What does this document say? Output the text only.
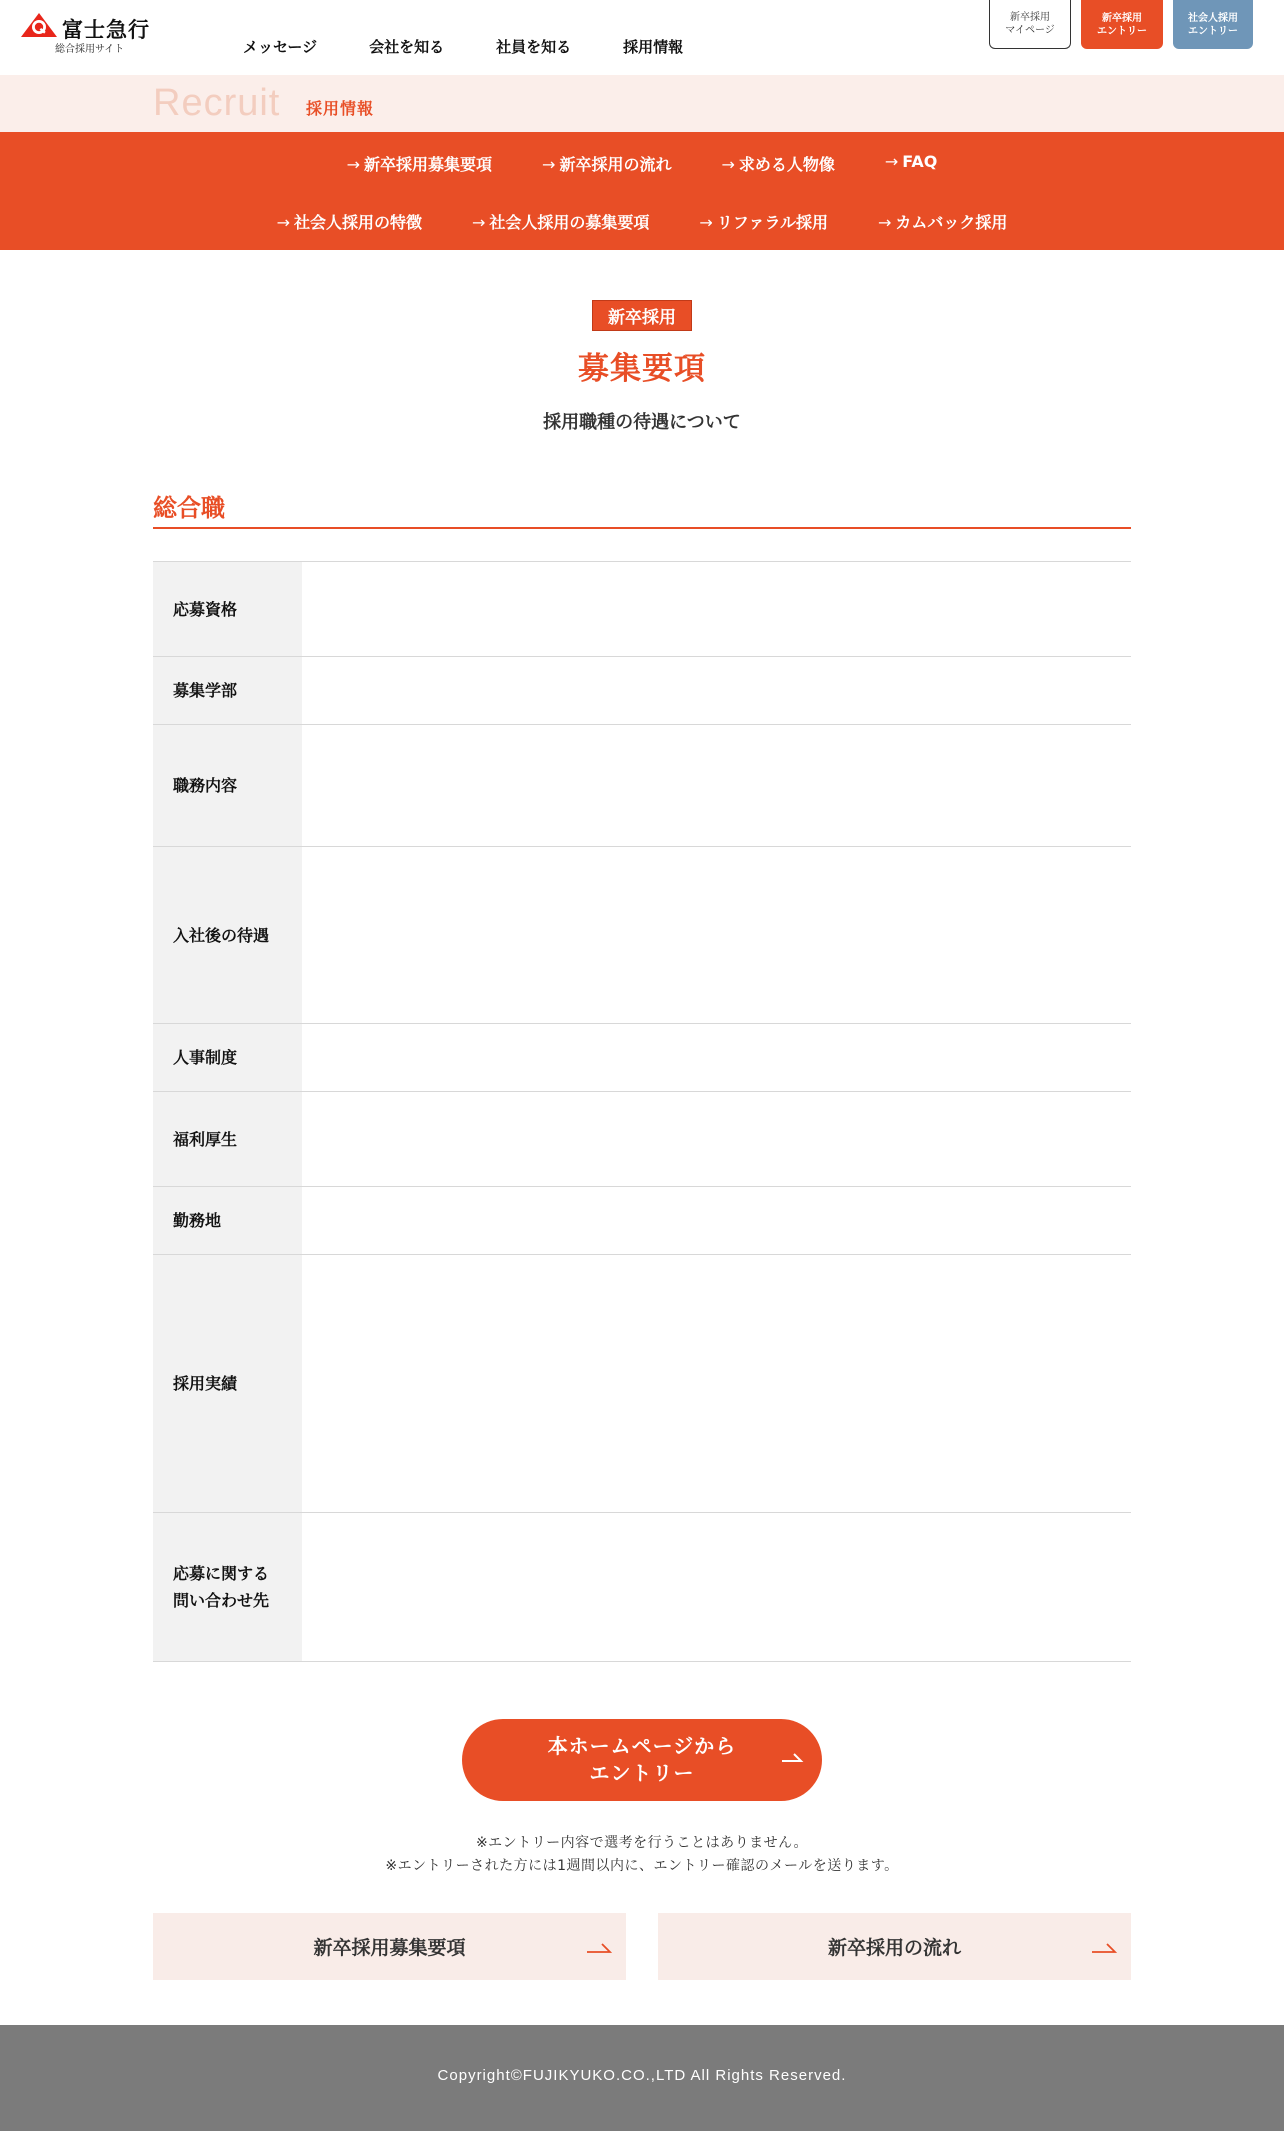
富士急行
総合採用サイト	メッセージ	会社を知る	社員を知る	採用情報
新卒採用
マイページ
新卒採用
エントリー
社会人採用
エントリー
Recruit 採用情報
→ 新卒採用募集要項	→ 新卒採用の流れ	→ 求める人物像	→ FAQ
→ 社会人採用の特徴	→ 社会人採用の募集要項	→ リファラル採用	→ カムバック採用
新卒採用
募集要項

採用職種の待遇について

総合職
応募資格
募集学部
職務内容
入社後の待遇
人事制度
福利厚生
勤務地
採用実績
応募に関する
問い合わせ先
本ホームページから
エントリー

※エントリー内容で選考を行うことはありません。

※エントリーされた方には1週間以内に、エントリー確認のメールを送ります。

新卒採用募集要項	新卒採用の流れ

Copyright©FUJIKYUKO.CO.,LTD All Rights Reserved.
